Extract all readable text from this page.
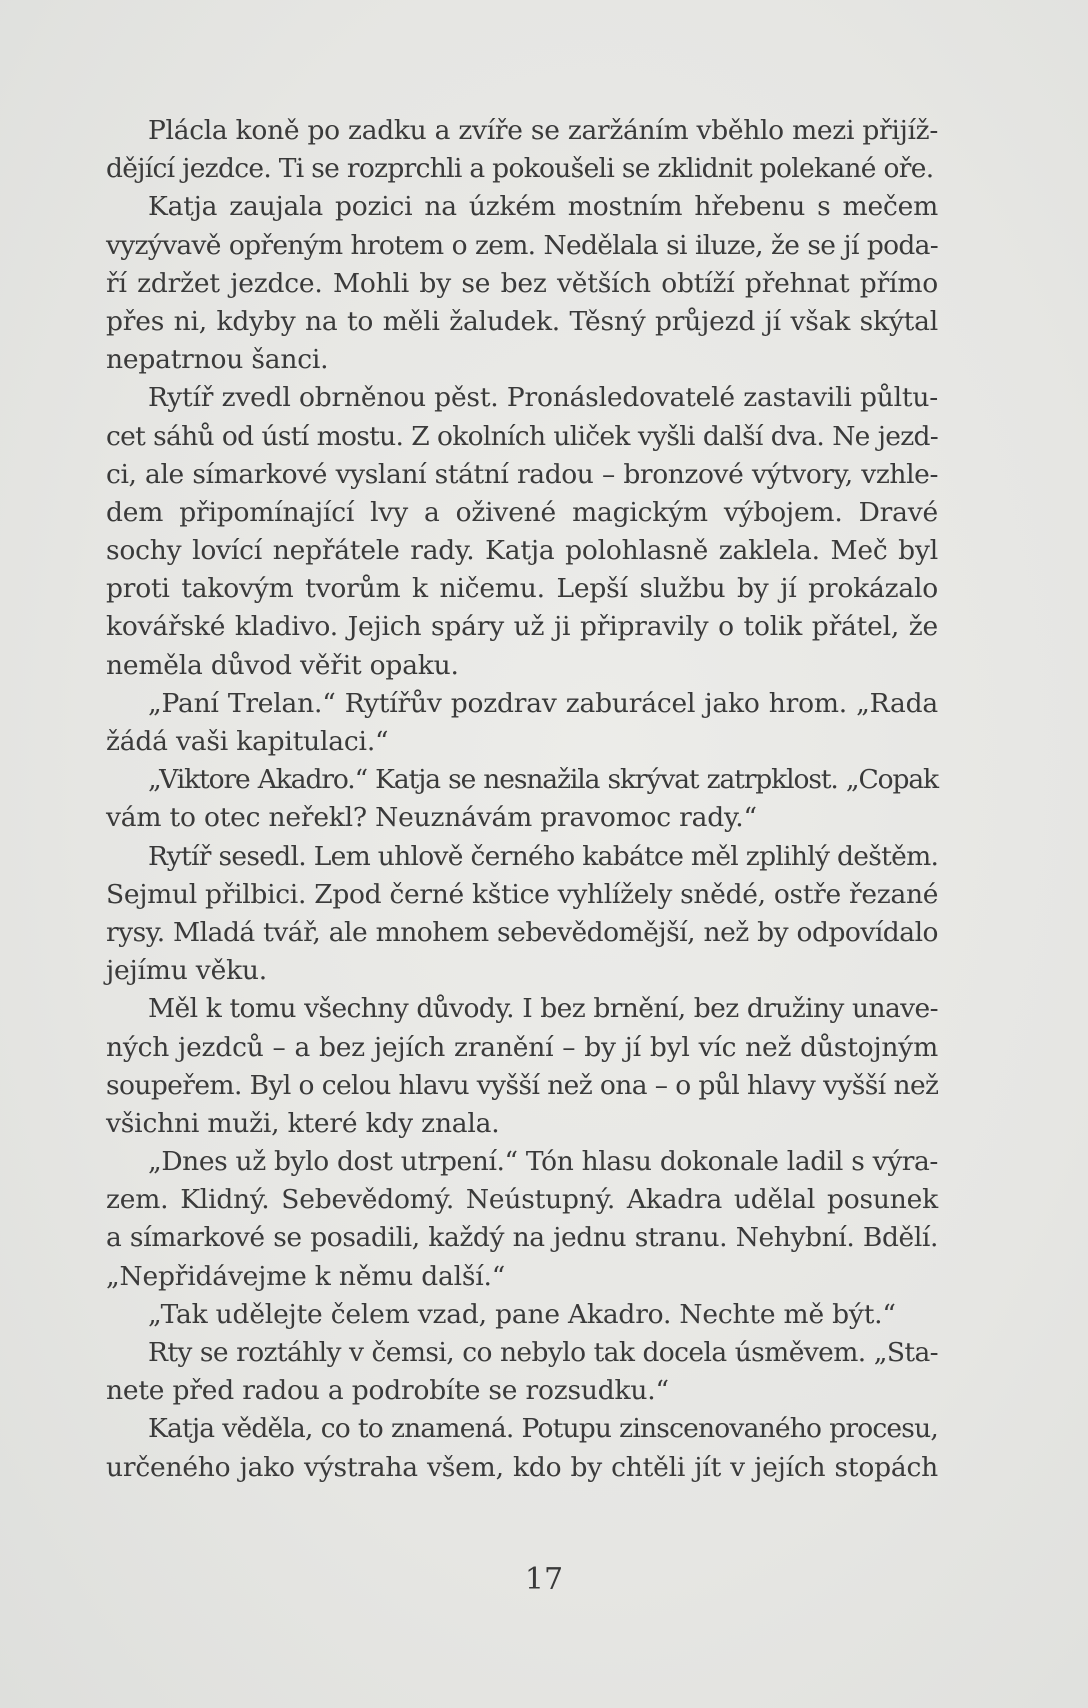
Plácla koně po zadku a zvíře se zaržáním vběhlo mezi přijíž-
dějící jezdce. Ti se rozprchli a pokoušeli se zklidnit polekané oře.
Katja zaujala pozici na úzkém mostním hřebenu s mečem
vyzývavě opřeným hrotem o zem. Nedělala si iluze, že se jí poda-
ří zdržet jezdce. Mohli by se bez větších obtíží přehnat přímo
přes ni, kdyby na to měli žaludek. Těsný průjezd jí však skýtal
nepatrnou šanci.
Rytíř zvedl obrněnou pěst. Pronásledovatelé zastavili půltu-
cet sáhů od ústí mostu. Z okolních uliček vyšli další dva. Ne jezd-
ci, ale símarkové vyslaní státní radou – bronzové výtvory, vzhle-
dem připomínající lvy a oživené magickým výbojem. Dravé
sochy lovící nepřátele rady. Katja polohlasně zaklela. Meč byl
proti takovým tvorům k ničemu. Lepší službu by jí prokázalo
kovářské kladivo. Jejich spáry už ji připravily o tolik přátel, že
neměla důvod věřit opaku.
„Paní Trelan.“ Rytířův pozdrav zaburácel jako hrom. „Rada
žádá vaši kapitulaci.“
„Viktore Akadro.“ Katja se nesnažila skrývat zatrpklost. „Copak
vám to otec neřekl? Neuznávám pravomoc rady.“
Rytíř sesedl. Lem uhlově černého kabátce měl zplihlý deštěm.
Sejmul přilbici. Zpod černé kštice vyhlížely snědé, ostře řezané
rysy. Mladá tvář, ale mnohem sebevědomější, než by odpovídalo
jejímu věku.
Měl k tomu všechny důvody. I bez brnění, bez družiny unave-
ných jezdců – a bez jejích zranění – by jí byl víc než důstojným
soupeřem. Byl o celou hlavu vyšší než ona – o půl hlavy vyšší než
všichni muži, které kdy znala.
„Dnes už bylo dost utrpení.“ Tón hlasu dokonale ladil s výra-
zem. Klidný. Sebevědomý. Neústupný. Akadra udělal posunek
a símarkové se posadili, každý na jednu stranu. Nehybní. Bdělí.
„Nepřidávejme k němu další.“
„Tak udělejte čelem vzad, pane Akadro. Nechte mě být.“
Rty se roztáhly v čemsi, co nebylo tak docela úsměvem. „Sta-
nete před radou a podrobíte se rozsudku.“
Katja věděla, co to znamená. Potupu zinscenovaného procesu,
určeného jako výstraha všem, kdo by chtěli jít v jejích stopách
17
